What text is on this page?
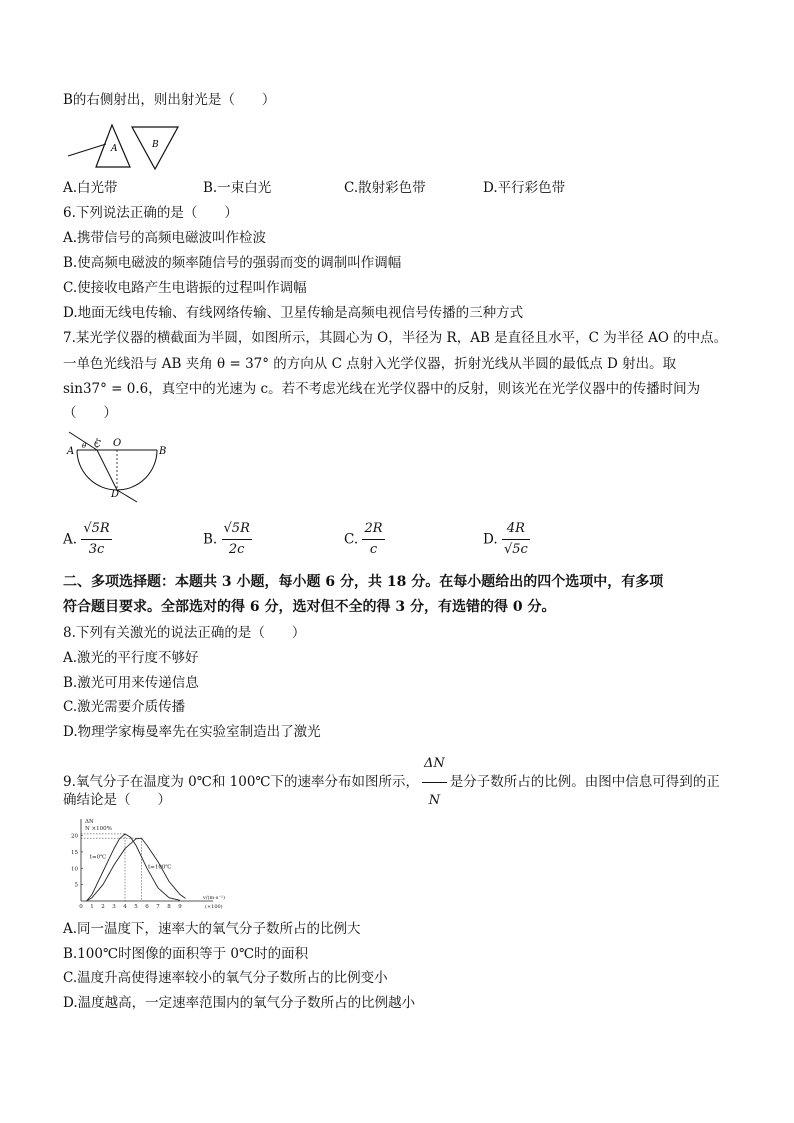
B的右侧射出，则出射光是（　　）
A	B
A.白光带	B.一束白光	C.散射彩色带	D.平行彩色带
6.下列说法正确的是（　　）
A.携带信号的高频电磁波叫作检波
B.使高频电磁波的频率随信号的强弱而变的调制叫作调幅
C.使接收电路产生电谐振的过程叫作调幅
D.地面无线电传输、有线网络传输、卫星传输是高频电视信号传播的三种方式
7.某光学仪器的横截面为半圆，如图所示，其圆心为 O，半径为 R，AB 是直径且水平，C 为半径 AO 的中点。
一单色光线沿与 AB 夹角 θ = 37° 的方向从 C 点射入光学仪器，折射光线从半圆的最低点 D 射出。取
sin37° = 0.6，真空中的光速为 c。若不考虑光线在光学仪器中的反射，则该光在光学仪器中的传播时间为
（　　）
A	B
C O
D
θ
A. $\frac{√5R}{3c}$	B. $\frac{√5R}{2c}$	C. $\frac{2R}{c}$	D. $\frac{4R}{√5c}$
二、多项选择题：本题共 3 小题，每小题 6 分，共 18 分。在每小题给出的四个选项中，有多项
符合题目要求。全部选对的得 6 分，选对但不全的得 3 分，有选错的得 0 分。
8.下列有关激光的说法正确的是（　　）
A.激光的平行度不够好
B.激光可用来传递信息
C.激光需要介质传播
D.物理学家梅曼率先在实验室制造出了激光
9.氧气分子在温度为 0℃和 100℃下的速率分布如图所示， $\frac{\Delta N}{N}$ 是分子数所占的比例。由图中信息可得到的正
确结论是（　　）
5
10
15
20
0 1 2 3 4 5 6 7 8 9
t=0℃
t=100℃
ΔN
N ×100%
v/(m·s⁻¹)
(×100)
A.同一温度下，速率大的氧气分子数所占的比例大
B.100℃时图像的面积等于 0℃时的面积
C.温度升高使得速率较小的氧气分子数所占的比例变小
D.温度越高，一定速率范围内的氧气分子数所占的比例越小
